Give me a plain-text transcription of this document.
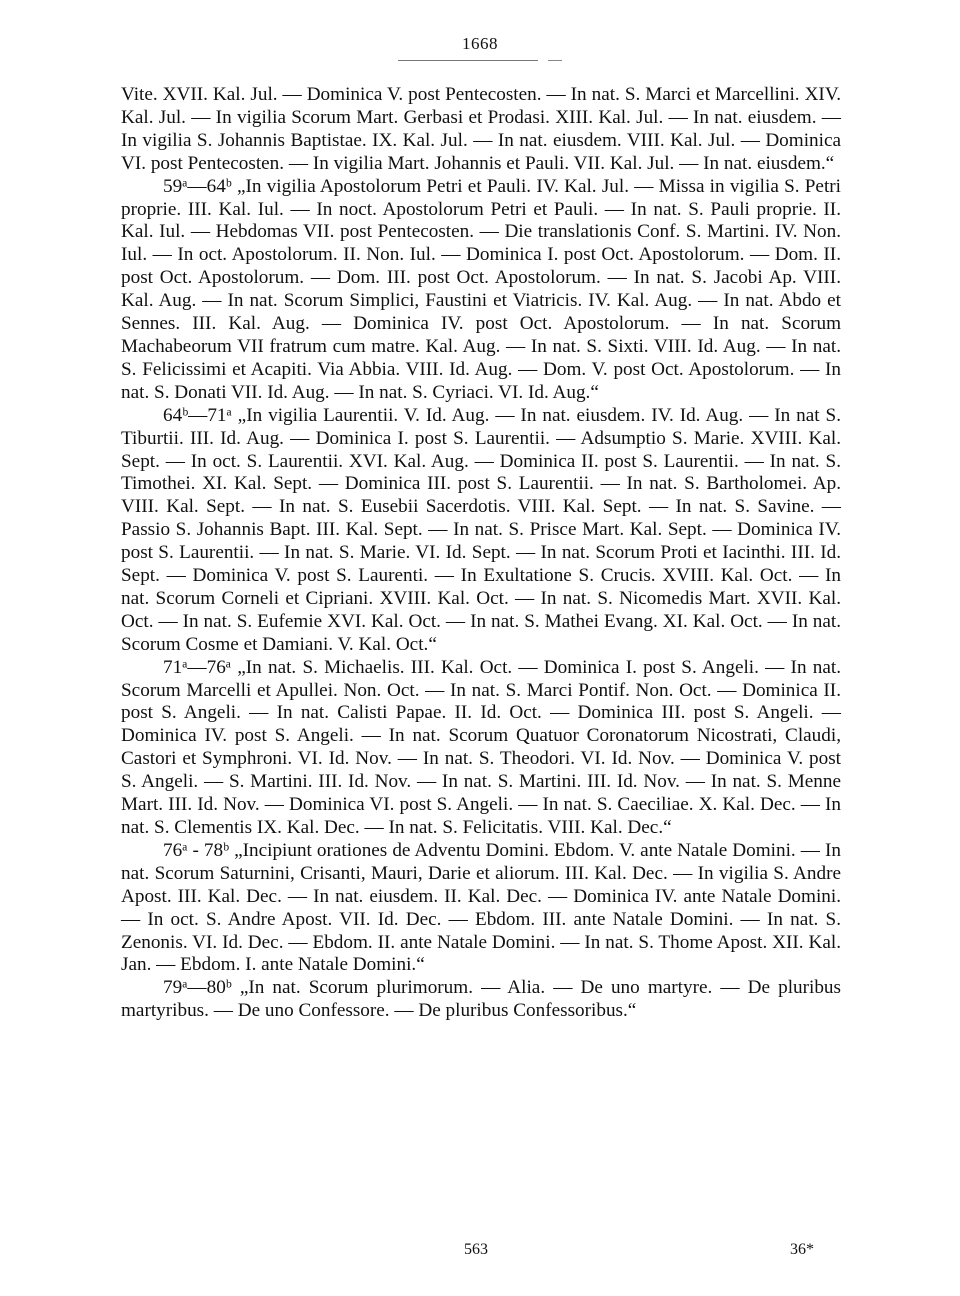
1668

Vite. XVII. Kal. Jul. — Dominica V. post Pentecosten. — In nat. S. Marci et Marcellini. XIV. Kal. Jul. — In vigilia Scorum Mart. Gerbasi et Prodasi. XIII. Kal. Jul. — In nat. eiusdem. — In vigilia S. Johannis Baptistae. IX. Kal. Jul. — In nat. eiusdem. VIII. Kal. Jul. — Dominica VI. post Pentecosten. — In vigilia Mart. Johannis et Pauli. VII. Kal. Jul. — In nat. eiusdem.“

59ᵃ—64ᵇ „In vigilia Apostolorum Petri et Pauli. IV. Kal. Jul. — Missa in vigilia S. Petri proprie. III. Kal. Iul. — In noct. Apostolorum Petri et Pauli. — In nat. S. Pauli proprie. II. Kal. Iul. — Hebdomas VII. post Pentecosten. — Die translationis Conf. S. Martini. IV. Non. Iul. — In oct. Apostolorum. II. Non. Iul. — Dominica I. post Oct. Apostolorum. — Dom. II. post Oct. Apostolorum. — Dom. III. post Oct. Apostolorum. — In nat. S. Jacobi Ap. VIII. Kal. Aug. — In nat. Scorum Simplici, Faustini et Viatricis. IV. Kal. Aug. — In nat. Abdo et Sennes. III. Kal. Aug. — Dominica IV. post Oct. Apostolorum. — In nat. Scorum Machabeorum VII fratrum cum matre. Kal. Aug. — In nat. S. Sixti. VIII. Id. Aug. — In nat. S. Felicissimi et Acapiti. Via Abbia. VIII. Id. Aug. — Dom. V. post Oct. Apostolorum. — In nat. S. Donati VII. Id. Aug. — In nat. S. Cyriaci. VI. Id. Aug.“

64ᵇ—71ᵃ „In vigilia Laurentii. V. Id. Aug. — In nat. eiusdem. IV. Id. Aug. — In nat S. Tiburtii. III. Id. Aug. — Dominica I. post S. Laurentii. — Adsumptio S. Marie. XVIII. Kal. Sept. — In oct. S. Laurentii. XVI. Kal. Aug. — Dominica II. post S. Laurentii. — In nat. S. Timothei. XI. Kal. Sept. — Dominica III. post S. Laurentii. — In nat. S. Bartholomei. Ap. VIII. Kal. Sept. — In nat. S. Eusebii Sacerdotis. VIII. Kal. Sept. — In nat. S. Savine. — Passio S. Johannis Bapt. III. Kal. Sept. — In nat. S. Prisce Mart. Kal. Sept. — Dominica IV. post S. Laurentii. — In nat. S. Marie. VI. Id. Sept. — In nat. Scorum Proti et Iacinthi. III. Id. Sept. — Dominica V. post S. Laurenti. — In Exultatione S. Crucis. XVIII. Kal. Oct. — In nat. Scorum Corneli et Cipriani. XVIII. Kal. Oct. — In nat. S. Nicomedis Mart. XVII. Kal. Oct. — In nat. S. Eufemie XVI. Kal. Oct. — In nat. S. Mathei Evang. XI. Kal. Oct. — In nat. Scorum Cosme et Damiani. V. Kal. Oct.“

71ᵃ—76ᵃ „In nat. S. Michaelis. III. Kal. Oct. — Dominica I. post S. Angeli. — In nat. Scorum Marcelli et Apullei. Non. Oct. — In nat. S. Marci Pontif. Non. Oct. — Dominica II. post S. Angeli. — In nat. Calisti Papae. II. Id. Oct. — Dominica III. post S. Angeli. — Dominica IV. post S. Angeli. — In nat. Scorum Quatuor Coronatorum Nicostrati, Claudi, Castori et Symphroni. VI. Id. Nov. — In nat. S. Theodori. VI. Id. Nov. — Dominica V. post S. Angeli. — S. Martini. III. Id. Nov. — In nat. S. Martini. III. Id. Nov. — In nat. S. Menne Mart. III. Id. Nov. — Dominica VI. post S. Angeli. — In nat. S. Caeciliae. X. Kal. Dec. — In nat. S. Clementis IX. Kal. Dec. — In nat. S. Felicitatis. VIII. Kal. Dec.“

76ᵃ - 78ᵇ „Incipiunt orationes de Adventu Domini. Ebdom. V. ante Natale Domini. — In nat. Scorum Saturnini, Crisanti, Mauri, Darie et aliorum. III. Kal. Dec. — In vigilia S. Andre Apost. III. Kal. Dec. — In nat. eiusdem. II. Kal. Dec. — Dominica IV. ante Natale Domini. — In oct. S. Andre Apost. VII. Id. Dec. — Ebdom. III. ante Natale Domini. — In nat. S. Zenonis. VI. Id. Dec. — Ebdom. II. ante Natale Domini. — In nat. S. Thome Apost. XII. Kal. Jan. — Ebdom. I. ante Natale Domini.“

79ᵃ—80ᵇ „In nat. Scorum plurimorum. — Alia. — De uno martyre. — De pluribus martyribus. — De uno Confessore. — De pluribus Confessoribus.“

563	36*
